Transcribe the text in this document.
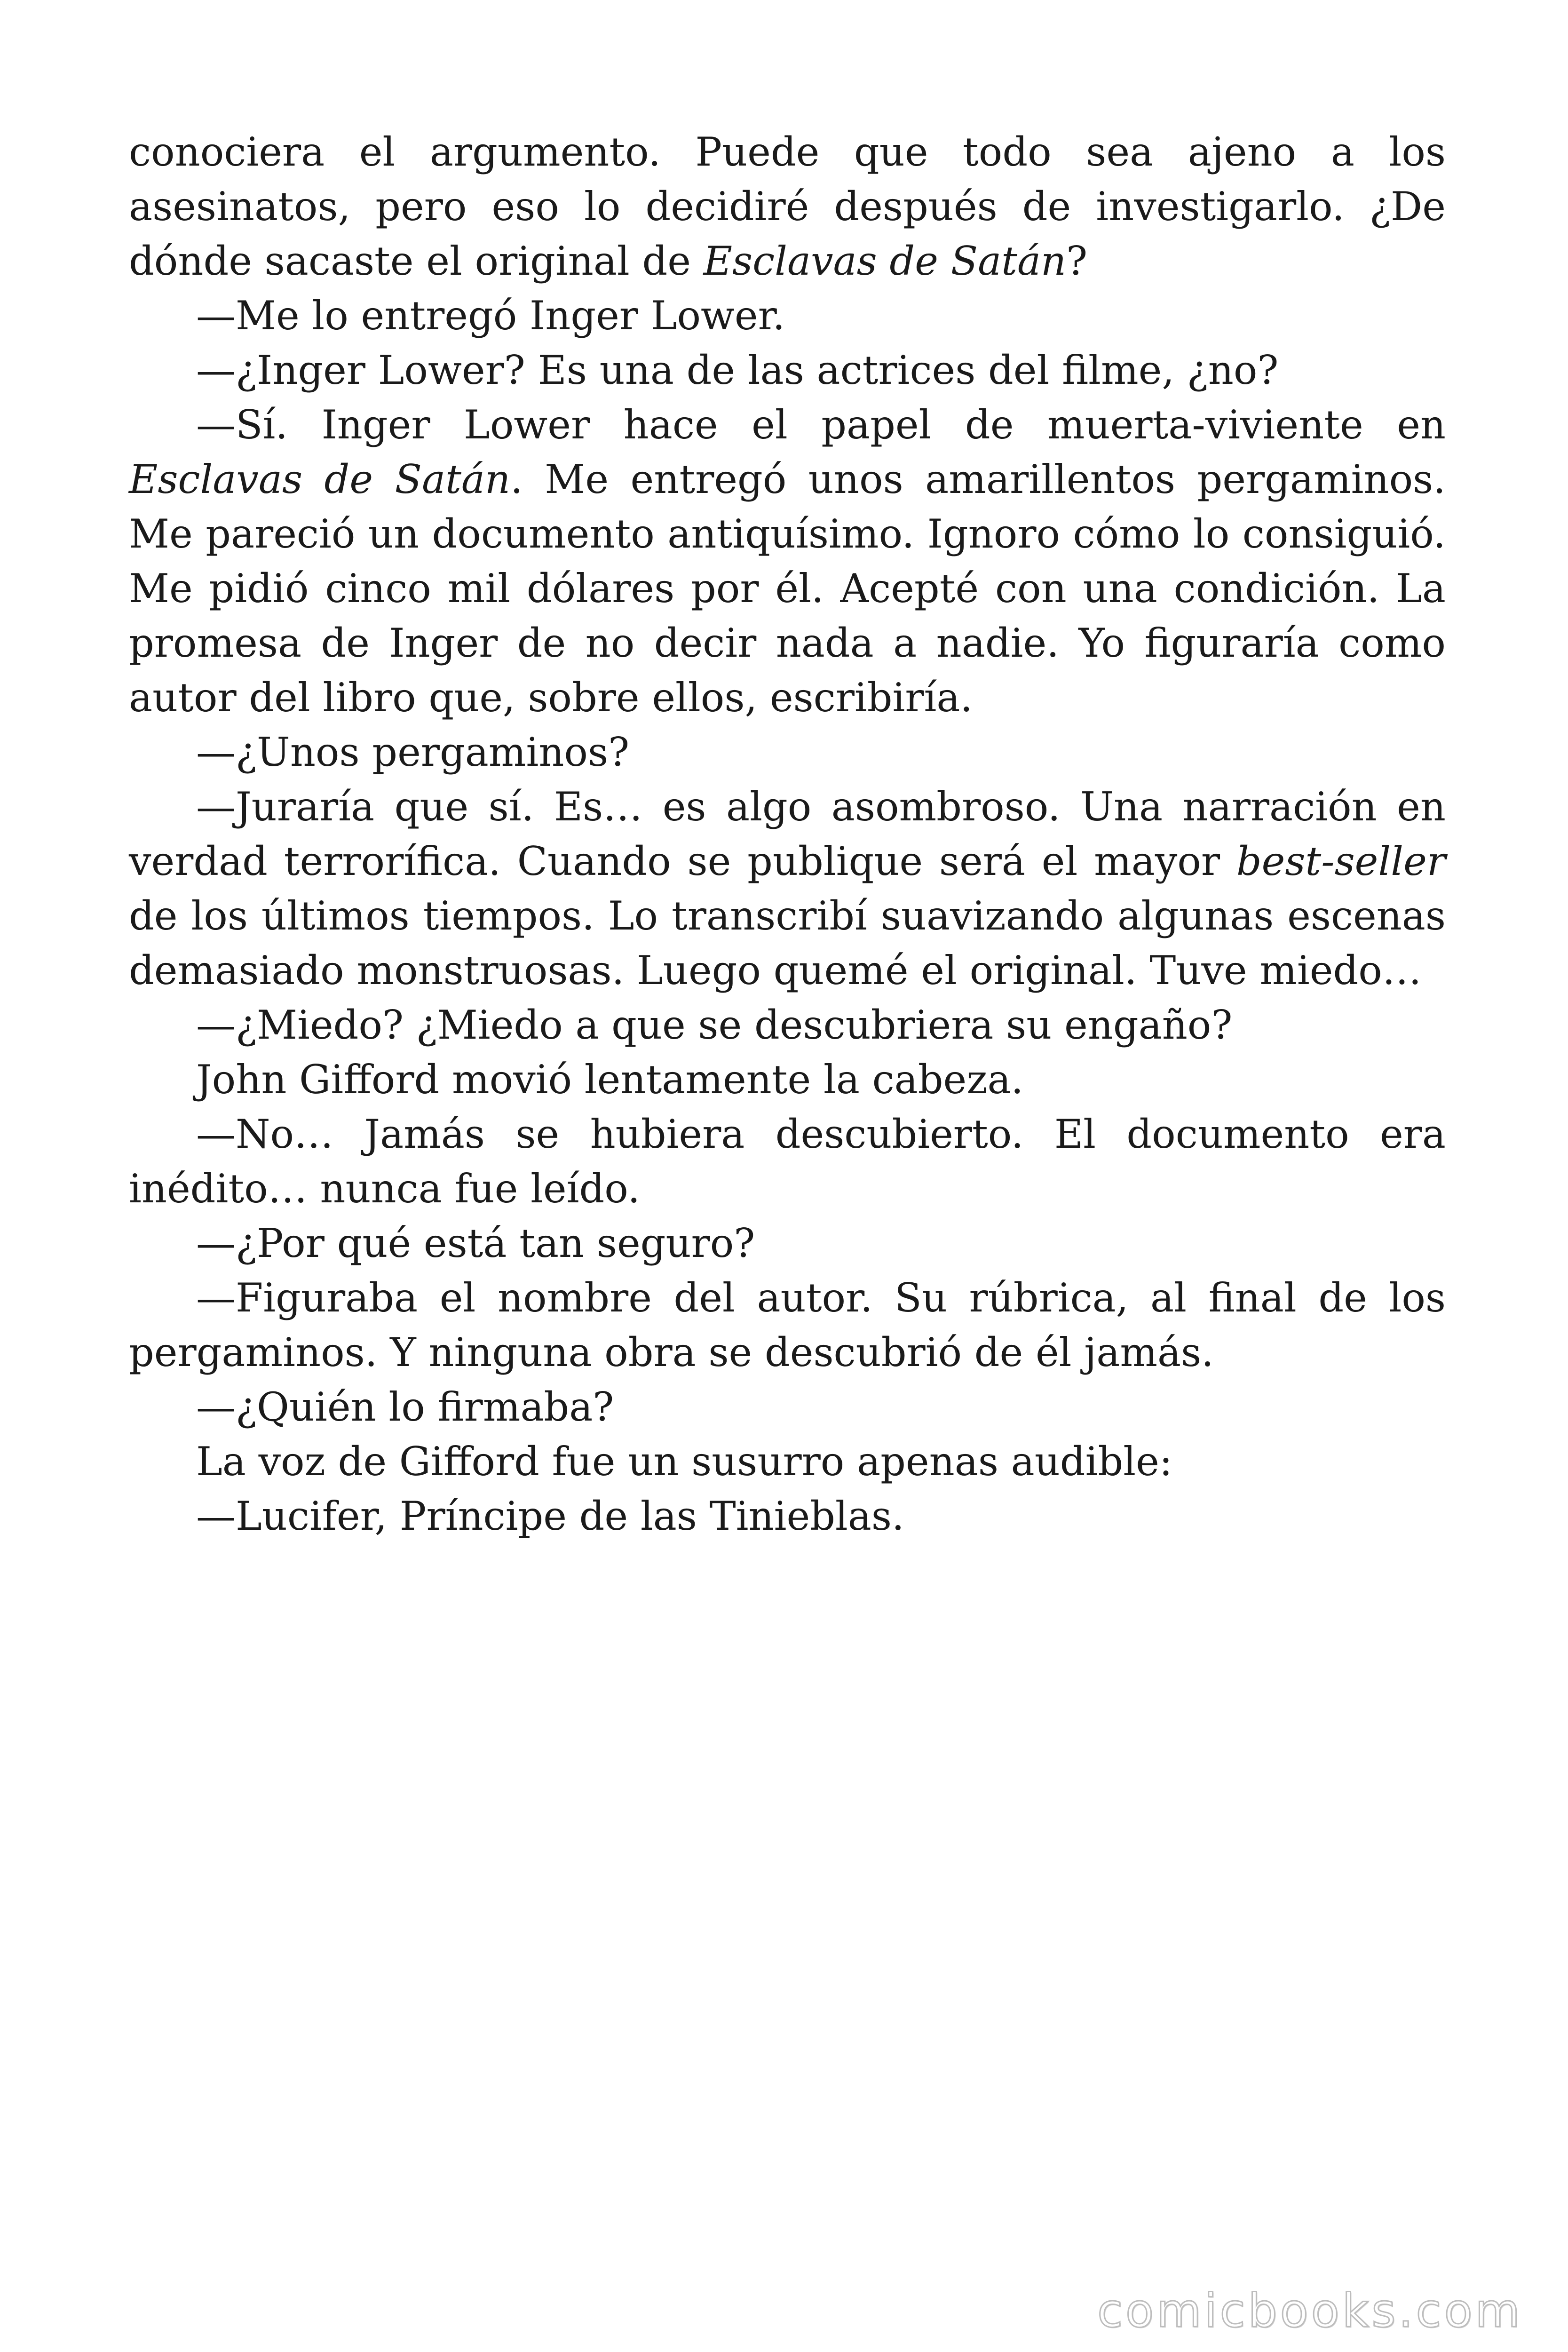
conociera el argumento. Puede que todo sea ajeno a los asesinatos, pero eso lo decidiré después de investigarlo. ¿De dónde sacaste el original de Esclavas de Satán?

—Me lo entregó Inger Lower.

—¿Inger Lower? Es una de las actrices del filme, ¿no?

—Sí. Inger Lower hace el papel de muerta-viviente en Esclavas de Satán. Me entregó unos amarillentos pergaminos. Me pareció un documento antiquísimo. Ignoro cómo lo consiguió. Me pidió cinco mil dólares por él. Acepté con una condición. La promesa de Inger de no decir nada a nadie. Yo figuraría como autor del libro que, sobre ellos, escribiría.

—¿Unos pergaminos?

—Juraría que sí. Es… es algo asombroso. Una narración en verdad terrorífica. Cuando se publique será el mayor best-seller de los últimos tiempos. Lo transcribí suavizando algunas escenas demasiado monstruosas. Luego quemé el original. Tuve miedo…

—¿Miedo? ¿Miedo a que se descubriera su engaño?

John Gifford movió lentamente la cabeza.

—No… Jamás se hubiera descubierto. El documento era inédito… nunca fue leído.

—¿Por qué está tan seguro?

—Figuraba el nombre del autor. Su rúbrica, al final de los pergaminos. Y ninguna obra se descubrió de él jamás.

—¿Quién lo firmaba?

La voz de Gifford fue un susurro apenas audible:

—Lucifer, Príncipe de las Tinieblas.

comicbooks.com
